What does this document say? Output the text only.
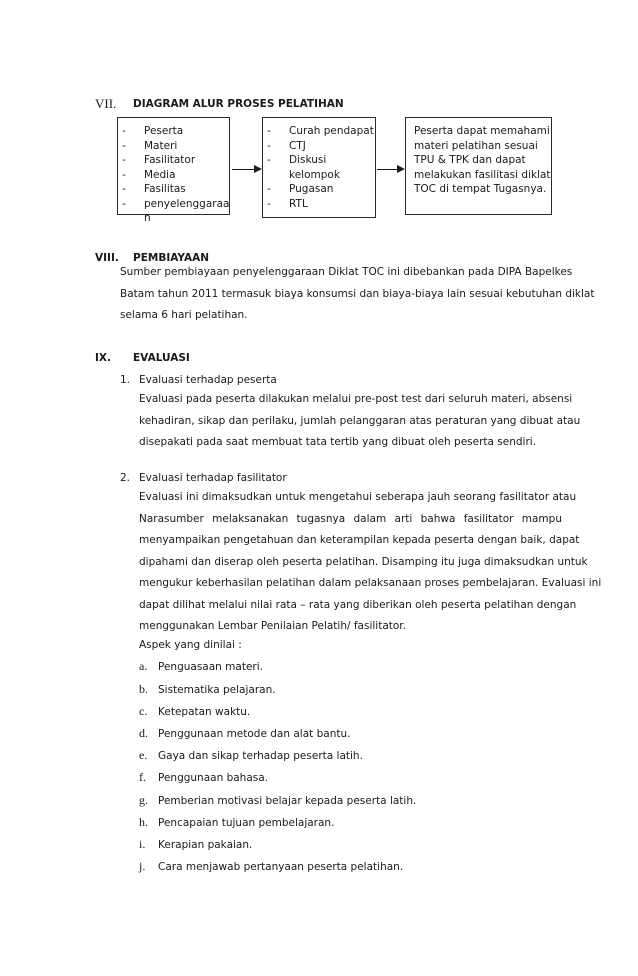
VII. DIAGRAM ALUR PROSES PELATIHAN
- Peserta
- Materi
- Fasilitator
- Media
- Fasilitas
- penyelenggaraa
n
- Curah pendapat
- CTJ
- Diskusi
kelompok
- Pugasan
- RTL
Peserta dapat memahami
materi pelatihan sesuai
TPU & TPK dan dapat
melakukan fasilitasi diklat
TOC di tempat Tugasnya.
VIII. PEMBIAYAAN
Sumber pembiayaan penyelenggaraan Diklat TOC ini dibebankan pada DIPA Bapelkes
Batam tahun 2011 termasuk biaya konsumsi dan biaya-biaya lain sesuai kebutuhan diklat
selama 6 hari pelatihan.
IX. EVALUASI
1. Evaluasi terhadap peserta
Evaluasi pada peserta dilakukan melalui pre-post test dari seluruh materi, absensi
kehadiran, sikap dan perilaku, jumlah pelanggaran atas peraturan yang dibuat atau
disepakati pada saat membuat tata tertib yang dibuat oleh peserta sendiri.
2. Evaluasi terhadap fasilitator
Evaluasi ini dimaksudkan untuk mengetahui seberapa jauh seorang fasilitator atau
Narasumber melaksanakan tugasnya dalam arti bahwa fasilitator mampu
menyampaikan pengetahuan dan keterampilan kepada peserta dengan baik, dapat
dipahami dan diserap oleh peserta pelatihan. Disamping itu juga dimaksudkan untuk
mengukur keberhasilan pelatihan dalam pelaksanaan proses pembelajaran. Evaluasi ini
dapat dilihat melalui nilai rata – rata yang diberikan oleh peserta pelatihan dengan
menggunakan Lembar Penilaian Pelatih/ fasilitator.
Aspek yang dinilai :
a. Penguasaan materi.
b. Sistematika pelajaran.
c. Ketepatan waktu.
d. Penggunaan metode dan alat bantu.
e. Gaya dan sikap terhadap peserta latih.
f. Penggunaan bahasa.
g. Pemberian motivasi belajar kepada peserta latih.
h. Pencapaian tujuan pembelajaran.
i. Kerapian pakaian.
j. Cara menjawab pertanyaan peserta pelatihan.
